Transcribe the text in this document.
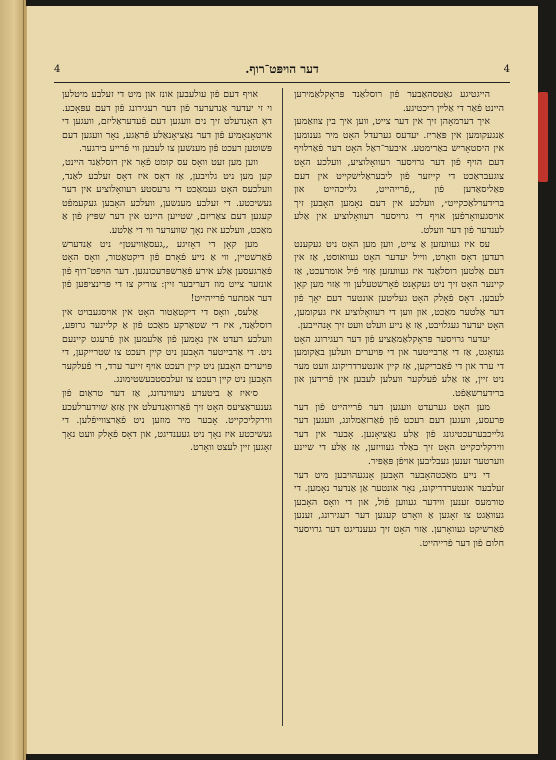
4	דער הויפּט־רוף.	4

הייגטיגע גאַטסהאַבער פֿון רוסלאַנד פּראָקלאַמירען היינט פֿאַר די אַלײן ריכטיגע.

איך דערמאָהן זיך אין דער צייט, ווען איך בין צוזאַמען אַנגעקומען אין פּאַריז. יעדעס גערעדל האָט מיר גענומען אין היסטאָריש באַרימטע. איבער־ראַל האָט דער פֿאַרלויף דעם הויף פֿון דער גרויסער רעוואָלוציע, וועלכע האָט צוגעבראַכט די קייזער פֿון ליבעראַלישקייט אין דעם פּאַליסאַדען פֿון ,,פֿרייהייט, גלייכהייט און ברידערלאַכקייט״, וועלכע אין דעם נאָמען האָבען זיך אויסגעוואָרפֿען אויף די גרויסער רעוואָלוציע אין אַלע לענדער פֿון דער וועלט.

עס איז געוועזען אַ צייט, ווען מען האָט ניט געקענט רעדען דאָס וואָרט, ווייל יעדער האָט געוואוסט, אַז אין דעם אַלטען רוסלאַנד איז געוועזען אַזוי פֿיל אומרעכט, אַז קיינער האָט זיך ניט געקאָנט פֿאָרשטעלען ווי אַזוי מען קאָן לעבען. דאָס פֿאָלק האָט געליטען אונטער דעם יאָך פֿון דער אַלטער מאַכט, און ווען די רעוואָלוציע איז געקומען, האָט יעדער געגלויבט, אַז אַ נייע וועלט וועט זיך אָנהייבען.

יעדער גרויסער פּראָקלאַמאַציע פֿון דער רעגירונג האָט געזאָגט, אַז די אַרבייטער און די פּויערים וועלען באַקומען די ערד און די פֿאַבריקען, אַז קיין אונטערדריקונג וועט מער ניט זיין, אַז אַלע פֿעלקער וועלען לעבען אין פֿרידען און ברידערשאַפֿט.

מען האָט גערעדט וועגען דער פֿרייהייט פֿון דער פּרעסע, וועגען דעם רעכט פֿון פֿאַרזאַמלונג, וועגען דער גלייכבערעכטיגונג פֿון אַלע נאַציאָנען. אָבער אין דער ווירקליכקייט האָט זיך באַלד געוויזען, אַז אַלע די שיינע ווערטער זענען געבליבען אויפֿן פּאַפּיר.

די נייע מאַכטהאָבער האָבען אָנגעהויבען מיט דער זעלבער אונטערדריקונג, נאָר אונטער אַן אַנדער נאָמען. די טורמעס זענען ווידער געווען פֿול, און די וואָס האָבען געוואַגט צו זאָגען אַ וואָרט קעגען דער רעגירונג, זענען פֿאַרשיקט געוואָרען. אַזוי האָט זיך געענדיגט דער גרויסער חלום פֿון דער פֿרייהייט.

אויף דעם פֿון עולעבען אונז און מיט די זעלבע מיטלען וי זי יעדער אַנדערער פֿון דער רעגירונג פֿון דעם עפּאָכע. דאָ האָנדעלט זיך נים וועגען דעם פֿעדעראַליזם, וועגען די אויטאָנאָמיע פֿון דער נאַציאָנאַלע פֿראַגע, נאָר וועגען דעם פּשוטען רעכט פֿון מענשען צו לעבען ווי פֿרייע בירגער.

ווען מען זעט וואָס עס קומט פֿאָר אין רוסלאַנד היינט, קען מען ניט גלויבען, אַז דאָס איז דאָס זעלבע לאַנד, וועלכעס האָט געמאַכט די גרעסטע רעוואָלוציע אין דער געשיכטע. די זעלבע מענשען, וועלכע האָבען געקעמפֿט קעגען דעם צאַריזם, שטייען היינט אין דער שפּיץ פֿון אַ מאַכט, וועלכע איז נאָך שווערער ווי די אַלטע.

מען קאָן די דאָזיגע ,,געסאַוויעטן״ ניט אַנדערש פֿאַרשטיין, ווי אַ נייע פֿאָרם פֿון דיקטאַטור, וואָס האָט פֿאַרגעסען אַלע אירע פֿאַרשפּרעכונגען. דער הויפּט־רוף פֿון אונזער צייט מוז דעריבער זיין: צוריק צו די פּרינציפּען פֿון דער אמתער פֿרייהייט!

אַלעס, וואָס די דיקטאַטור האָט אין אויסגעבויט אין רוסלאַנד, איז די שטאַרקע מאַכט פֿון אַ קליינער גרופּע, וועלכע רעדט אין נאָמען פֿון אַלעמען און פֿרעגט קיינעם ניט. די אַרבייטער האָבען ניט קיין רעכט צו שטרייקען, די פּויערים האָבען ניט קיין רעכט אויף זייער ערד, די פֿעלקער האָבען ניט קיין רעכט צו זעלבסטבעשטימונג.

ס׳איז אַ ביטערע ניעווינדונג, אַז דער טראַום פֿון גענעראַציעס האָט זיך פֿאַרוואַנדעלט אין אַזאַ שוידערלעכע ווירקליכקייט. אָבער מיר מוזען ניט פֿאַרצווייפֿלען. די געשיכטע איז נאָך ניט געענדיגט, און דאָס פֿאָלק וועט נאָך זאָגען זיין לעצט וואָרט.
